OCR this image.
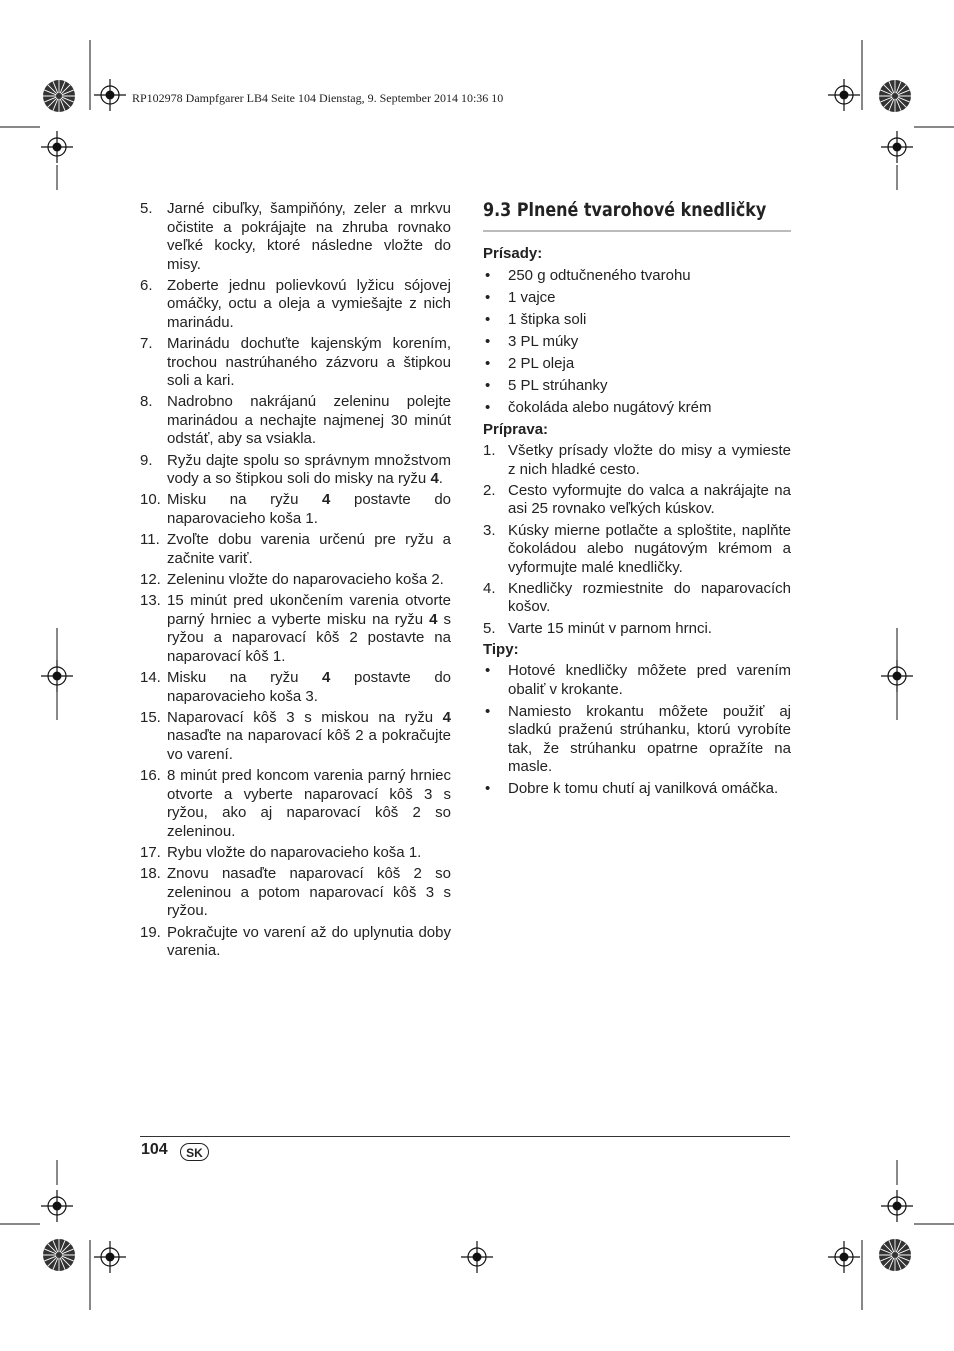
RP102978 Dampfgarer LB4 Seite 104 Dienstag, 9. September 2014 10:36 10
5. Jarné cibuľky, šampiňóny, zeler a mrkvu očistite a pokrájajte na zhruba rovnako veľké kocky, ktoré následne vložte do misy.
6. Zoberte jednu polievkovú lyžicu sójovej omáčky, octu a oleja a vymiešajte z nich marinádu.
7. Marinádu dochuťte kajenským korením, trochou nastrúhaného zázvoru a štipkou soli a kari.
8. Nadrobno nakrájanú zeleninu polejte marinádou a nechajte najmenej 30 minút odstáť, aby sa vsiakla.
9. Ryžu dajte spolu so správnym množstvom vody a so štipkou soli do misky na ryžu 4.
10. Misku na ryžu 4 postavte do naparovacieho koša 1.
11. Zvoľte dobu varenia určenú pre ryžu a začnite variť.
12. Zeleninu vložte do naparovacieho koša 2.
13. 15 minút pred ukončením varenia otvorte parný hrniec a vyberte misku na ryžu 4 s ryžou a naparovací kôš 2 postavte na naparovací kôš 1.
14. Misku na ryžu 4 postavte do naparovacieho koša 3.
15. Naparovací kôš 3 s miskou na ryžu 4 nasaďte na naparovací kôš 2 a pokračujte vo varení.
16. 8 minút pred koncom varenia parný hrniec otvorte a vyberte naparovací kôš 3 s ryžou, ako aj naparovací kôš 2 so zeleninou.
17. Rybu vložte do naparovacieho koša 1.
18. Znovu nasaďte naparovací kôš 2 so zeleninou a potom naparovací kôš 3 s ryžou.
19. Pokračujte vo varení až do uplynutia doby varenia.
9.3 Plnené tvarohové knedličky
Prísady:
•	250 g odtučneného tvarohu
•	1 vajce
•	1 štipka soli
•	3 PL múky
•	2 PL oleja
•	5 PL strúhanky
•	čokoláda alebo nugátový krém
Príprava:
1. Všetky prísady vložte do misy a vymieste z nich hladké cesto.
2. Cesto vyformujte do valca a nakrájajte na asi 25 rovnako veľkých kúskov.
3. Kúsky mierne potlačte a sploštite, naplňte čokoládou alebo nugátovým krémom a vyformujte malé knedličky.
4. Knedličky rozmiestnite do naparovacích košov.
5. Varte 15 minút v parnom hrnci.
Tipy:
•	Hotové knedličky môžete pred varením obaliť v krokante.
•	Namiesto krokantu môžete použiť aj sladkú praženú strúhanku, ktorú vyrobíte tak, že strúhanku opatrne opražíte na masle.
•	Dobre k tomu chutí aj vanilková omáčka.
104	SK
